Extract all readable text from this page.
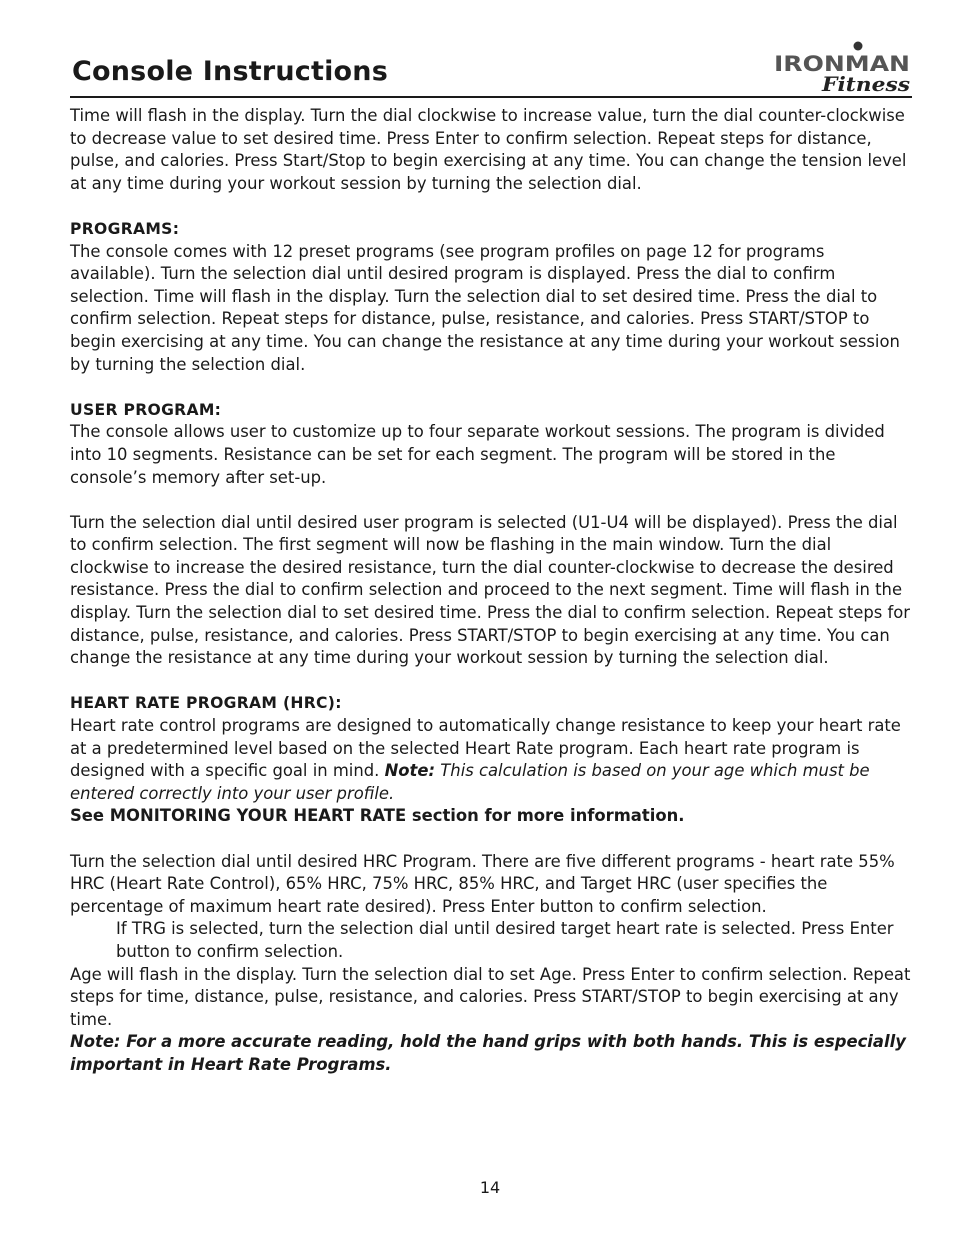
Console Instructions	IRONMAN
Fitness

Time will flash in the display. Turn the dial clockwise to increase value, turn the dial counter-clockwise to decrease value to set desired time. Press Enter to confirm selection. Repeat steps for distance, pulse, and calories. Press Start/Stop to begin exercising at any time. You can change the tension level at any time during your workout session by turning the selection dial.

PROGRAMS:

The console comes with 12 preset programs (see program profiles on page 12 for programs available). Turn the selection dial until desired program is displayed. Press the dial to confirm selection. Time will flash in the display. Turn the selection dial to set desired time. Press the dial to confirm selection. Repeat steps for distance, pulse, resistance, and calories. Press START/STOP to begin exercising at any time. You can change the resistance at any time during your workout session by turning the selection dial.

USER PROGRAM:

The console allows user to customize up to four separate workout sessions. The program is divided into 10 segments. Resistance can be set for each segment. The program will be stored in the console’s memory after set-up.

Turn the selection dial until desired user program is selected (U1-U4 will be displayed). Press the dial to confirm selection. The first segment will now be flashing in the main window. Turn the dial clockwise to increase the desired resistance, turn the dial counter-clockwise to decrease the desired resistance. Press the dial to confirm selection and proceed to the next segment. Time will flash in the display. Turn the selection dial to set desired time. Press the dial to confirm selection. Repeat steps for distance, pulse, resistance, and calories. Press START/STOP to begin exercising at any time. You can change the resistance at any time during your workout session by turning the selection dial.

HEART RATE PROGRAM (HRC):

Heart rate control programs are designed to automatically change resistance to keep your heart rate at a predetermined level based on the selected Heart Rate program. Each heart rate program is designed with a specific goal in mind. Note: This calculation is based on your age which must be entered correctly into your user profile.

See MONITORING YOUR HEART RATE section for more information.

Turn the selection dial until desired HRC Program. There are five different programs - heart rate 55% HRC (Heart Rate Control), 65% HRC, 75% HRC, 85% HRC, and Target HRC (user specifies the percentage of maximum heart rate desired). Press Enter button to confirm selection.

If TRG is selected, turn the selection dial until desired target heart rate is selected. Press Enter button to confirm selection.

Age will flash in the display. Turn the selection dial to set Age. Press Enter to confirm selection. Repeat steps for time, distance, pulse, resistance, and calories. Press START/STOP to begin exercising at any time.

Note: For a more accurate reading, hold the hand grips with both hands. This is especially important in Heart Rate Programs.

14
